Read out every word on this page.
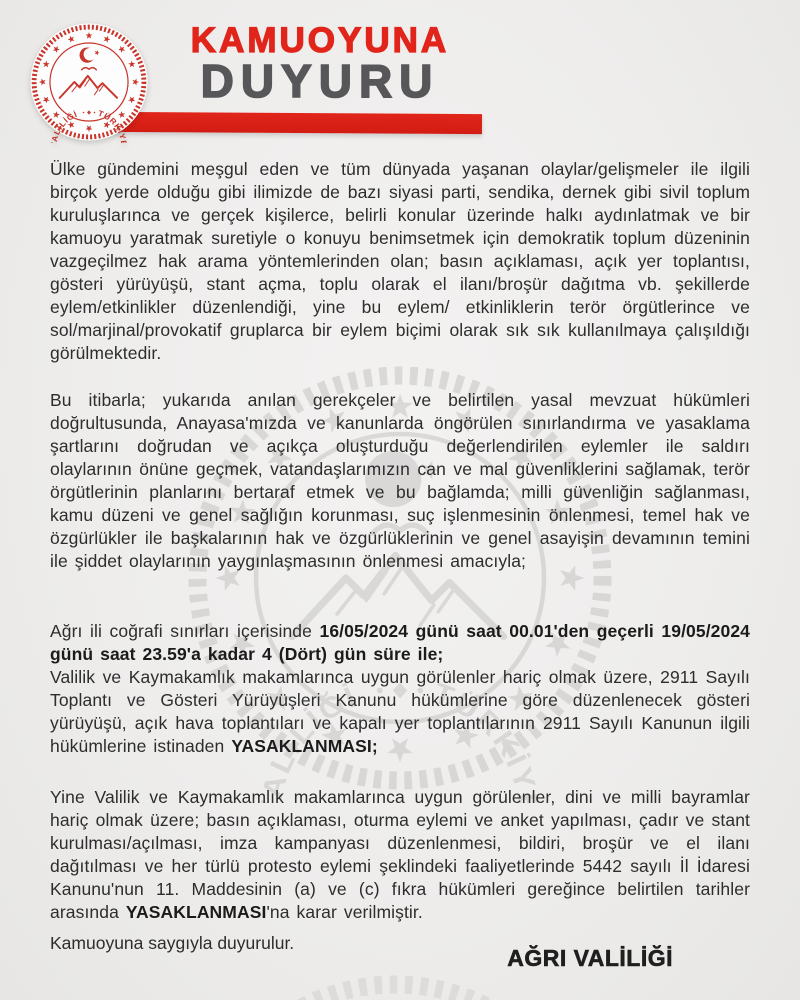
KAMUOYUNA
DUYURU

Ülke gündemini meşgul eden ve tüm dünyada yaşanan olaylar/gelişmeler ile ilgili birçok yerde olduğu gibi ilimizde de bazı siyasi parti, sendika, dernek gibi sivil toplum kuruluşlarınca ve gerçek kişilerce, belirli konular üzerinde halkı aydınlatmak ve bir kamuoyu yaratmak suretiyle o konuyu benimsetmek için demokratik toplum düzeninin vazgeçilmez hak arama yöntemlerinden olan; basın açıklaması, açık yer toplantısı, gösteri yürüyüşü, stant açma, toplu olarak el ilanı/broşür dağıtma vb. şekillerde eylem/etkinlikler düzenlendiği, yine bu eylem/ etkinliklerin terör örgütlerince ve sol/marjinal/provokatif gruplarca bir eylem biçimi olarak sık sık kullanılmaya çalışıldığı görülmektedir.

Bu itibarla; yukarıda anılan gerekçeler ve belirtilen yasal mevzuat hükümleri doğrultusunda, Anayasa'mızda ve kanunlarda öngörülen sınırlandırma ve yasaklama şartlarını doğrudan ve açıkça oluşturduğu değerlendirilen eylemler ile saldırı olaylarının önüne geçmek, vatandaşlarımızın can ve mal güvenliklerini sağlamak, terör örgütlerinin planlarını bertaraf etmek ve bu bağlamda; milli güvenliğin sağlanması, kamu düzeni ve genel sağlığın korunması, suç işlenmesinin önlenmesi, temel hak ve özgürlükler ile başkalarının hak ve özgürlüklerinin ve genel asayişin devamının temini ile şiddet olaylarının yaygınlaşmasının önlenmesi amacıyla;

Ağrı ili coğrafi sınırları içerisinde 16/05/2024 günü saat 00.01'den geçerli 19/05/2024 günü saat 23.59'a kadar 4 (Dört) gün süre ile;

Valilik ve Kaymakamlık makamlarınca uygun görülenler hariç olmak üzere, 2911 Sayılı Toplantı ve Gösteri Yürüyüşleri Kanunu hükümlerine göre düzenlenecek gösteri yürüyüşü, açık hava toplantıları ve kapalı yer toplantılarının 2911 Sayılı Kanunun ilgili hükümlerine istinaden YASAKLANMASI;

Yine Valilik ve Kaymakamlık makamlarınca uygun görülenler, dini ve milli bayramlar hariç olmak üzere; basın açıklaması, oturma eylemi ve anket yapılması, çadır ve stant kurulması/açılması, imza kampanyası düzenlenmesi, bildiri, broşür ve el ilanı dağıtılması ve her türlü protesto eylemi şeklindeki faaliyetlerinde 5442 sayılı İl İdaresi Kanunu'nun 11. Maddesinin (a) ve (c) fıkra hükümleri gereğince belirtilen tarihler arasında YASAKLANMASI'na karar verilmiştir.

Kamuoyuna saygıyla duyurulur.
AĞRI VALİLİĞİ
